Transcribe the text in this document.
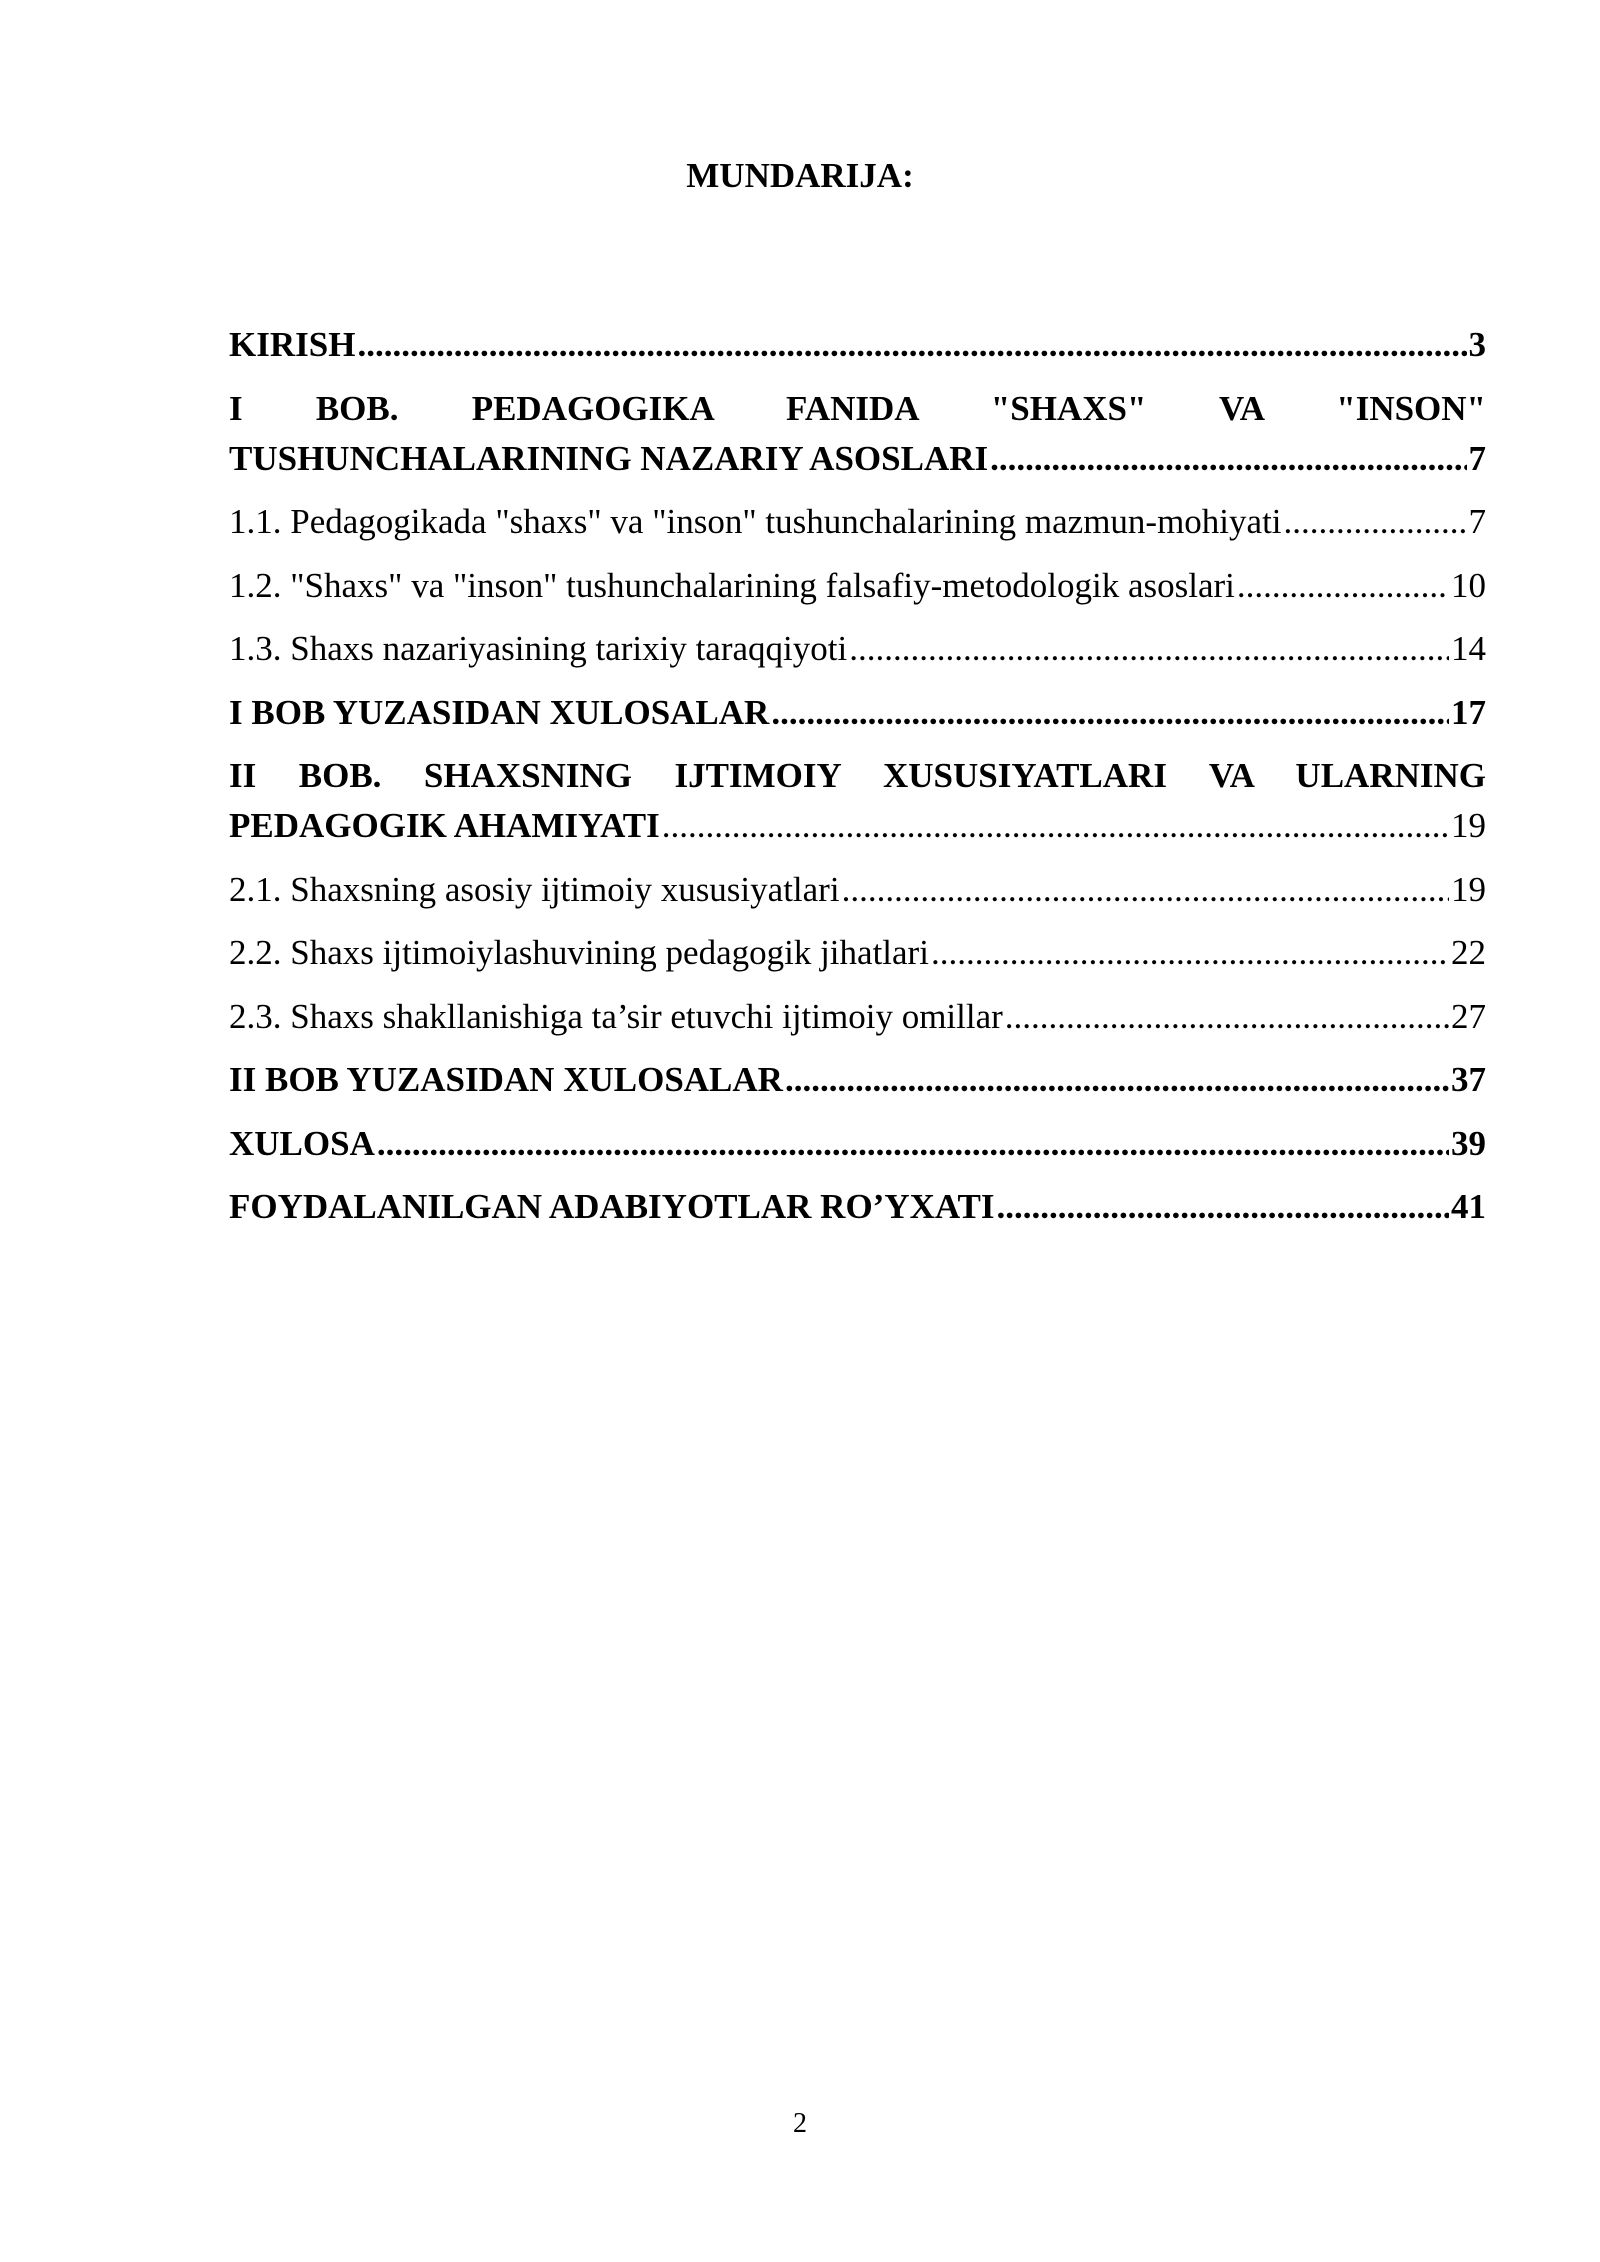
MUNDARIJA:
KIRISH .....	3
I BOB. PEDAGOGIKA FANIDA "SHAXS" VA "INSON"
TUSHUNCHALARINING NAZARIY ASOSLARI .....	7
1.1. Pedagogikada "shaxs" va "inson" tushunchalarining mazmun-mohiyati .....	7
1.2. "Shaxs" va "inson" tushunchalarining falsafiy-metodologik asoslari .....	10
1.3. Shaxs nazariyasining tarixiy taraqqiyoti .....	14
I BOB YUZASIDAN XULOSALAR .....	17
II BOB. SHAXSNING IJTIMOIY XUSUSIYATLARI VA ULARNING
PEDAGOGIK AHAMIYATI .....	19
2.1. Shaxsning asosiy ijtimoiy xususiyatlari .....	19
2.2. Shaxs ijtimoiylashuvining pedagogik jihatlari .....	22
2.3. Shaxs shakllanishiga ta’sir etuvchi ijtimoiy omillar .....	27
II BOB YUZASIDAN XULOSALAR .....	37
XULOSA .....	39
FOYDALANILGAN ADABIYOTLAR RO’YXATI .....	41
2
